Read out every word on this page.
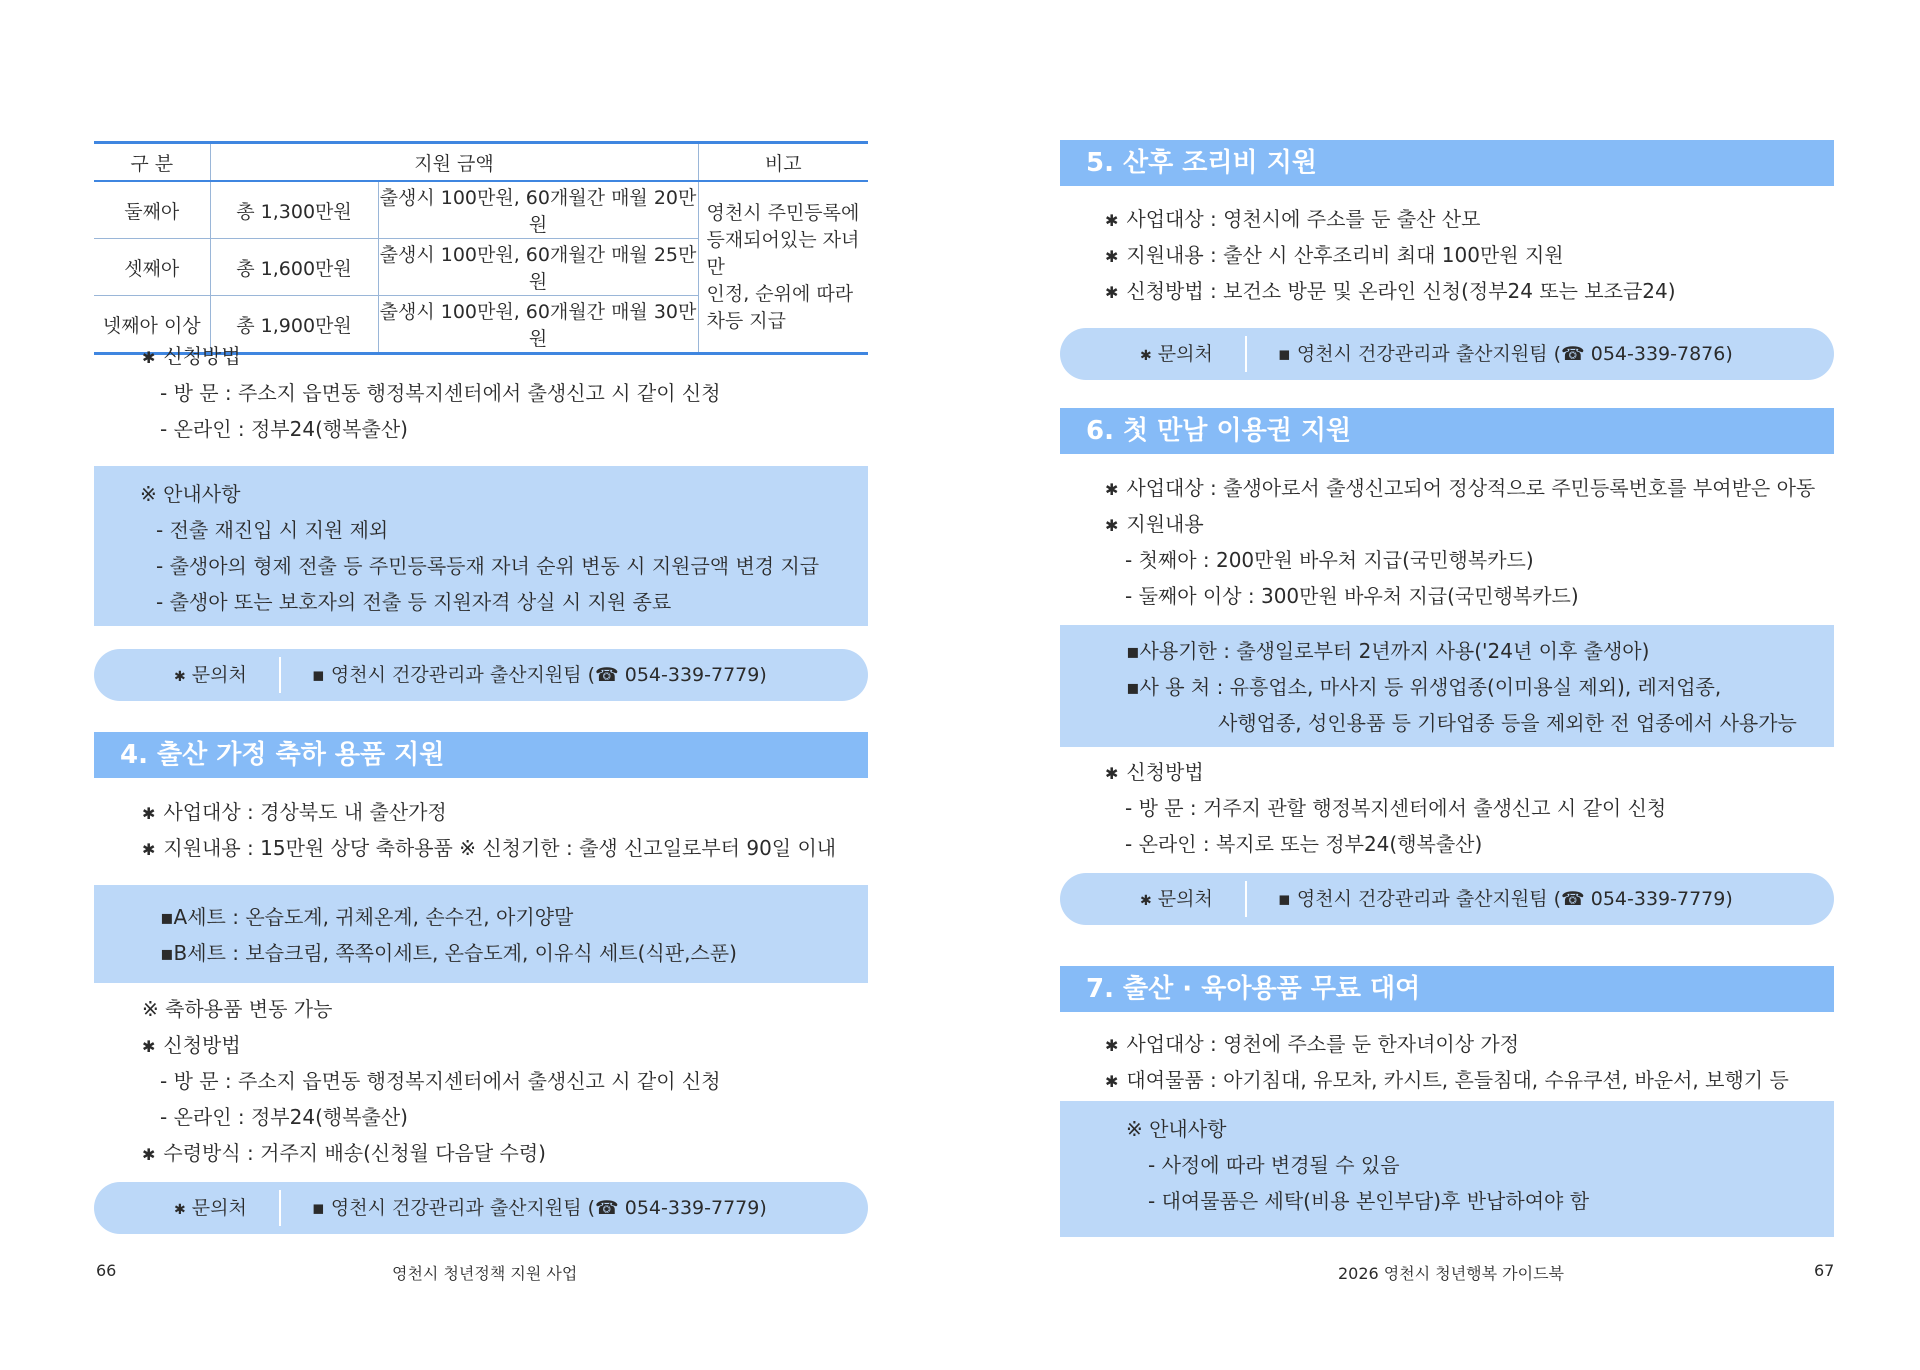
구 분	지원 금액		비고
둘째아	총 1,300만원	출생시 100만원, 60개월간 매월 20만원	영천시 주민등록에
등재되어있는 자녀만
인정, 순위에 따라
차등 지급

셋째아	총 1,600만원	출생시 100만원, 60개월간 매월 25만원	
넷째아 이상	총 1,900만원	출생시 100만원, 60개월간 매월 30만원	
✱ 신청방법
- 방 문 : 주소지 읍면동 행정복지센터에서 출생신고 시 같이 신청
- 온라인 : 정부24(행복출산)
※ 안내사항
- 전출 재진입 시 지원 제외
- 출생아의 형제 전출 등 주민등록등재 자녀 순위 변동 시 지원금액 변경 지급
- 출생아 또는 보호자의 전출 등 지원자격 상실 시 지원 종료
✱ 문의처	▪ 영천시 건강관리과 출산지원팀 (☎ 054-339-7779)
4. 출산 가정 축하 용품 지원
✱ 사업대상 : 경상북도 내 출산가정
✱ 지원내용 : 15만원 상당 축하용품 ※ 신청기한 : 출생 신고일로부터 90일 이내
▪A세트 : 온습도계, 귀체온계, 손수건, 아기양말
▪B세트 : 보습크림, 쪽쪽이세트, 온습도계, 이유식 세트(식판,스푼)
※ 축하용품 변동 가능
✱ 신청방법
- 방 문 : 주소지 읍면동 행정복지센터에서 출생신고 시 같이 신청
- 온라인 : 정부24(행복출산)
✱ 수령방식 : 거주지 배송(신청월 다음달 수령)
✱ 문의처	▪ 영천시 건강관리과 출산지원팀 (☎ 054-339-7779)
66	영천시 청년정책 지원 사업
5. 산후 조리비 지원
✱ 사업대상 : 영천시에 주소를 둔 출산 산모
✱ 지원내용 : 출산 시 산후조리비 최대 100만원 지원
✱ 신청방법 : 보건소 방문 및 온라인 신청(정부24 또는 보조금24)
✱ 문의처	▪ 영천시 건강관리과 출산지원팀 (☎ 054-339-7876)
6. 첫 만남 이용권 지원
✱ 사업대상 : 출생아로서 출생신고되어 정상적으로 주민등록번호를 부여받은 아동
✱ 지원내용
- 첫째아 : 200만원 바우처 지급(국민행복카드)
- 둘째아 이상 : 300만원 바우처 지급(국민행복카드)
▪사용기한 : 출생일로부터 2년까지 사용('24년 이후 출생아)
▪사 용 처 : 유흥업소, 마사지 등 위생업종(이미용실 제외), 레저업종,
사행업종, 성인용품 등 기타업종 등을 제외한 전 업종에서 사용가능
✱ 신청방법
- 방 문 : 거주지 관할 행정복지센터에서 출생신고 시 같이 신청
- 온라인 : 복지로 또는 정부24(행복출산)
✱ 문의처	▪ 영천시 건강관리과 출산지원팀 (☎ 054-339-7779)
7. 출산 · 육아용품 무료 대여
✱ 사업대상 : 영천에 주소를 둔 한자녀이상 가정
✱ 대여물품 : 아기침대, 유모차, 카시트, 흔들침대, 수유쿠션, 바운서, 보행기 등
※ 안내사항
- 사정에 따라 변경될 수 있음
- 대여물품은 세탁(비용 본인부담)후 반납하여야 함
2026 영천시 청년행복 가이드북	67
